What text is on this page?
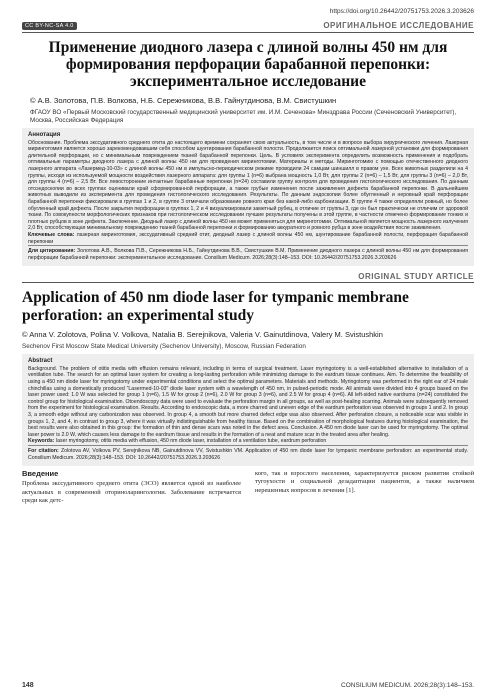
https://doi.org/10.26442/20751753.2026.3.203626
CC BY-NC-SA 4.0	ОРИГИНАЛЬНОЕ ИССЛЕДОВАНИЕ
Применение диодного лазера с длиной волны 450 нм для формирования перфорации барабанной перепонки: экспериментальное исследование
© А.В. Золотова, П.В. Волкова, Н.Б. Сережникова, В.В. Гайнутдинова, В.М. Свистушкин
ФГАОУ ВО «Первый Московский государственный медицинский университет им. И.М. Сеченова» Минздрава России (Сеченовский Университет), Москва, Российская Федерация
Аннотация

Обоснование. Проблема экссудативного среднего отита до настоящего времени сохраняет свою актуальность, в том числе и в вопросе выбора хирургического лечения. Лазерная миринготомия является хорошо зарекомендовавшим себя способом шунтирования барабанной полости. Продолжается поиск оптимальной лазерной установки для формирования длительной перфорации, но с минимальным повреждением тканей барабанной перепонки. Цель. В условиях эксперимента определить возможность применения и подобрать оптимальные параметры диодного лазера с длиной волны 450 нм для проведения миринготомии. Материалы и методы. Миринготомию с помощью отечественного диодного лазерного аппарата «Лазермед-10-03» с длиной волны 450 нм в импульсно-периодическом режиме проводили 24 самцам шиншилл в правом ухе. Всех животных разделили на 4 группы, исходя из используемой мощности воздействия лазерного аппарата: для группы 1 (n=6) выбрана мощность 1,0 Вт, для группы 2 (n=6) – 1,5 Вт, для группы 3 (n=6) – 2,0 Вт, для группы 4 (n=6) – 2,5 Вт. Все левосторонние интактные барабанные перепонки (n=24) составили группу контроля для проведения гистологического исследования. По данным отоэндоскопии во всех группах оценивали край сформированной перфорации, а также грубые изменения после заживления дефекта барабанной перепонки. В дальнейшем животных выводили из эксперимента для проведения гистологического исследования. Результаты. По данным эндоскопии более обугленный и неровный край перфорации барабанной перепонки фиксировали в группах 1 и 2, в группе 3 отмечали образование ровного края без какой-либо карбонизации. В группе 4 также определяли ровный, но более обугленный край дефекта. После закрытия перфорации в группах 1, 2 и 4 визуализировали заметный рубец, в отличие от группы 3, где он был практически не отличим от здоровой ткани. По совокупности морфологических признаков при гистологическом исследовании лучшие результаты получены в этой группе, в частности отмечено формирование тонких и плотных рубцов в зоне дефекта. Заключение. Диодный лазер с длиной волны 450 нм может применяться для миринготомии. Оптимальной является мощность лазерного излучения 2,0 Вт, способствующая минимальному повреждению тканей барабанной перепонки и формированию аккуратного и ровного рубца в зоне воздействия после заживления.

Ключевые слова: лазерная миринготомия, экссудативный средний отит, диодный лазер с длиной волны 450 нм, шунтирование барабанной полости, перфорация барабанной перепонки

Для цитирования: Золотова А.В., Волкова П.В., Сережникова Н.Б., Гайнутдинова В.В., Свистушкин В.М. Применение диодного лазера с длиной волны 450 нм для формирования перфорации барабанной перепонки: экспериментальное исследование. Consilium Medicum. 2026;28(3):148–153. DOI: 10.26442/20751753.2026.3.203626

ORIGINAL STUDY ARTICLE
Application of 450 nm diode laser for tympanic membrane perforation: an experimental study
© Anna V. Zolotova, Polina V. Volkova, Natalia B. Serejnikova, Valeria V. Gainutdinova, Valery M. Svistushkin
Sechenov First Moscow State Medical University (Sechenov University), Moscow, Russian Federation
Abstract

Background. The problem of otitis media with effusion remains relevant, including in terms of surgical treatment. Laser myringotomy is a well-established alternative to installation of a ventilation tube. The search for an optimal laser system for creating a long-lasting perforation while minimizing damage to the eardrum tissue continues. Aim. To determine the feasibility of using a 450 nm diode laser for myringotomy under experimental conditions and select the optimal parameters. Materials and methods. Myringotomy was performed in the right ear of 24 male chinchillas using a domestically produced "Lasermed-10-03" diode laser system with a wavelength of 450 nm, in pulsed-periodic mode. All animals were divided into 4 groups based on the laser power used: 1.0 W was selected for group 1 (n=6), 1.5 W for group 2 (n=6), 2.0 W for group 3 (n=6), and 2.5 W for group 4 (n=6). All left-sided native eardrums (n=24) constituted the control group for histological examination. Otoendoscopy data were used to evaluate the perforation margin in all groups, as well as post-healing scarring. Animals were subsequently removed from the experiment for histological examination. Results. According to endoscopic data, a more charred and uneven edge of the eardrum perforation was observed in groups 1 and 2. In group 3, a smooth edge without any carbonization was observed. In group 4, a smooth but more charred defect edge was also observed. After perforation closure, a noticeable scar was visible in groups 1, 2, and 4, in contrast to group 3, where it was virtually indistinguishable from healthy tissue. Based on the combination of morphological features during histological examination, the best results were also obtained in this group: the formation of thin and dense scars was noted in the defect area. Conclusion. A 450 nm diode laser can be used for myringotomy. The optimal laser power is 2.0 W, which causes less damage to the eardrum tissue and results in the formation of a neat and mature scar in the treated area after healing.

Keywords: laser myringotomy, otitis media with effusion, 450 nm diode laser, installation of a ventilation tube, eardrum perforation

For citation: Zolotova AV, Volkova PV, Serejnikova NB, Gainutdinova VV, Svistushkin VM. Application of 450 nm diode laser for tympanic membrane perforation: an experimental study. Consilium Medicum. 2026;28(3):148–153. DOI: 10.26442/20751753.2026.3.203626

Введение
Проблема экссудативного среднего отита (ЭСО) является одной из наиболее актуальных в современной оториноларингологии. Заболевание встречается среди как детс-
кого, так и взрослого населения, характеризуется риском развития стойкой тугоухости и социальной дезадаптации пациентов, а также наличием нерешенных вопросов в лечении [1].
148	CONSILIUM MEDICUM. 2026;28(3):148–153.
